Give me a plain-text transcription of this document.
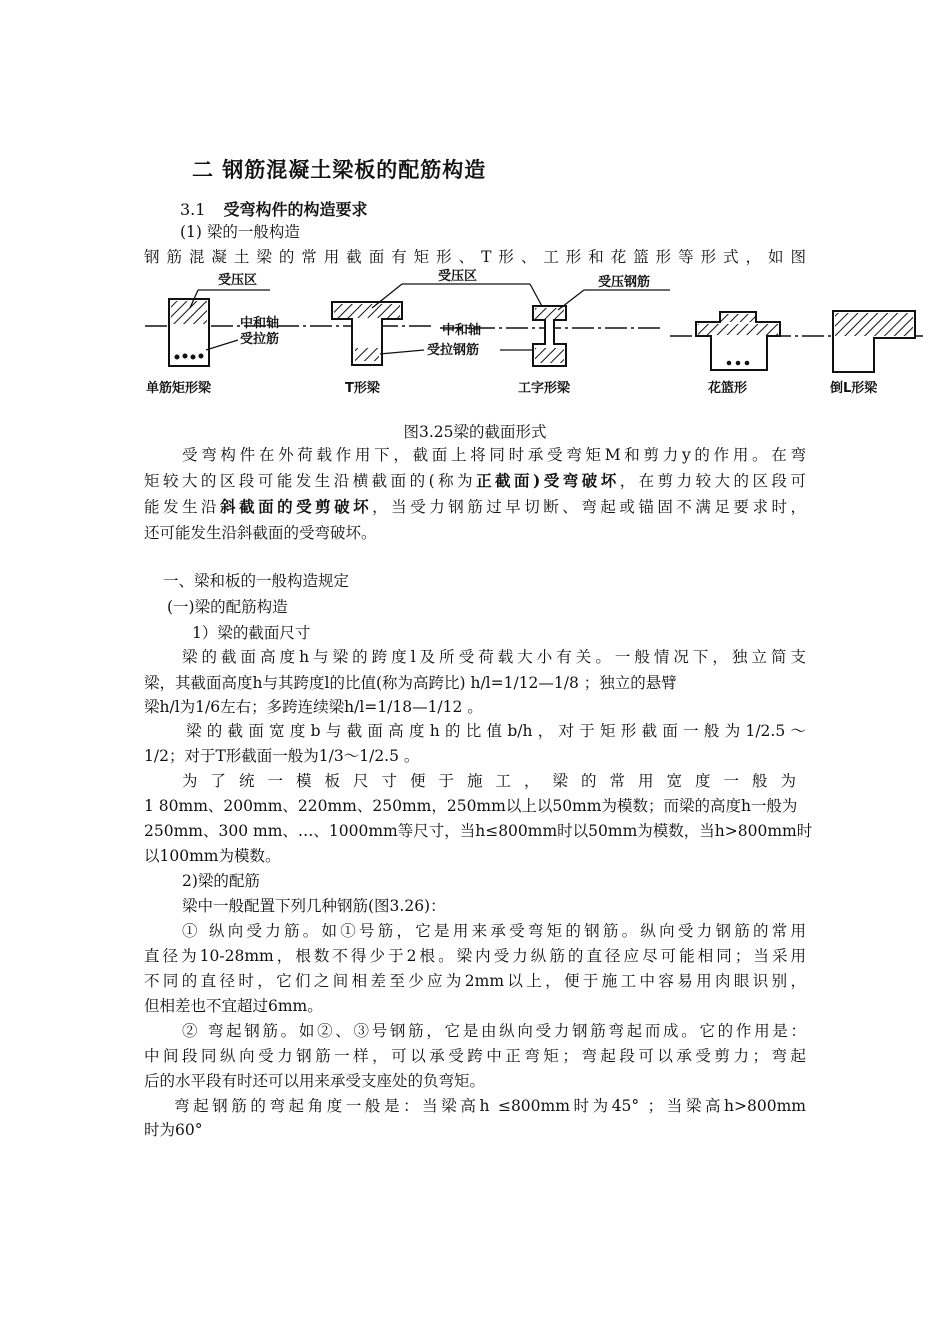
二 钢筋混凝土梁板的配筋构造
3.1 受弯构件的构造要求
(1) 梁的一般构造
钢筋混凝土梁的常用截面有矩形、T形、工形和花篮形等形式，如图
受压区
中和轴
受拉筋
单筋矩形梁
受压区
中和轴
受拉钢筋
T形梁
受压钢筋
工字形梁	花篮形	倒L形梁
图3.25梁的截面形式
受弯构件在外荷载作用下，截面上将同时承受弯矩M和剪力y的作用。在弯
矩较大的区段可能发生沿横截面的(称为正截面)受弯破坏，在剪力较大的区段可
能发生沿斜截面的受剪破坏，当受力钢筋过早切断、弯起或锚固不满足要求时，
还可能发生沿斜截面的受弯破坏。
一、梁和板的一般构造规定
(一)梁的配筋构造
1）梁的截面尺寸
梁的截面高度h与梁的跨度l及所受荷载大小有关。一般情况下，独立简支
梁，其截面高度h与其跨度l的比值(称为高跨比) h/l=1/12—1/8 ；独立的悬臂
梁h/l为1/6左右；多跨连续梁h/l=1/18—1/12 。
梁的截面宽度b与截面高度h的比值b/h，对于矩形截面一般为1/2.5～
1/2；对于T形截面一般为1/3～1/2.5 。
为了统一模板尺寸便于施工，梁的常用宽度一般为
1 80mm、200mm、220mm、250mm，250mm以上以50mm为模数；而梁的高度h一般为
250mm、300 mm、…、1000mm等尺寸，当h≤800mm时以50mm为模数，当h>800mm时
以100mm为模数。
2)梁的配筋
梁中一般配置下列几种钢筋(图3.26)：
① 纵向受力筋。如①号筋，它是用来承受弯矩的钢筋。纵向受力钢筋的常用
直径为10-28mm，根数不得少于2根。梁内受力纵筋的直径应尽可能相同；当采用
不同的直径时，它们之间相差至少应为2mm以上，便于施工中容易用肉眼识别，
但相差也不宜超过6mm。
② 弯起钢筋。如②、③号钢筋，它是由纵向受力钢筋弯起而成。它的作用是：
中间段同纵向受力钢筋一样，可以承受跨中正弯矩；弯起段可以承受剪力；弯起
后的水平段有时还可以用来承受支座处的负弯矩。
弯起钢筋的弯起角度一般是：当梁高h ≤800mm时为45° ；当梁高h>800mm
时为60°
